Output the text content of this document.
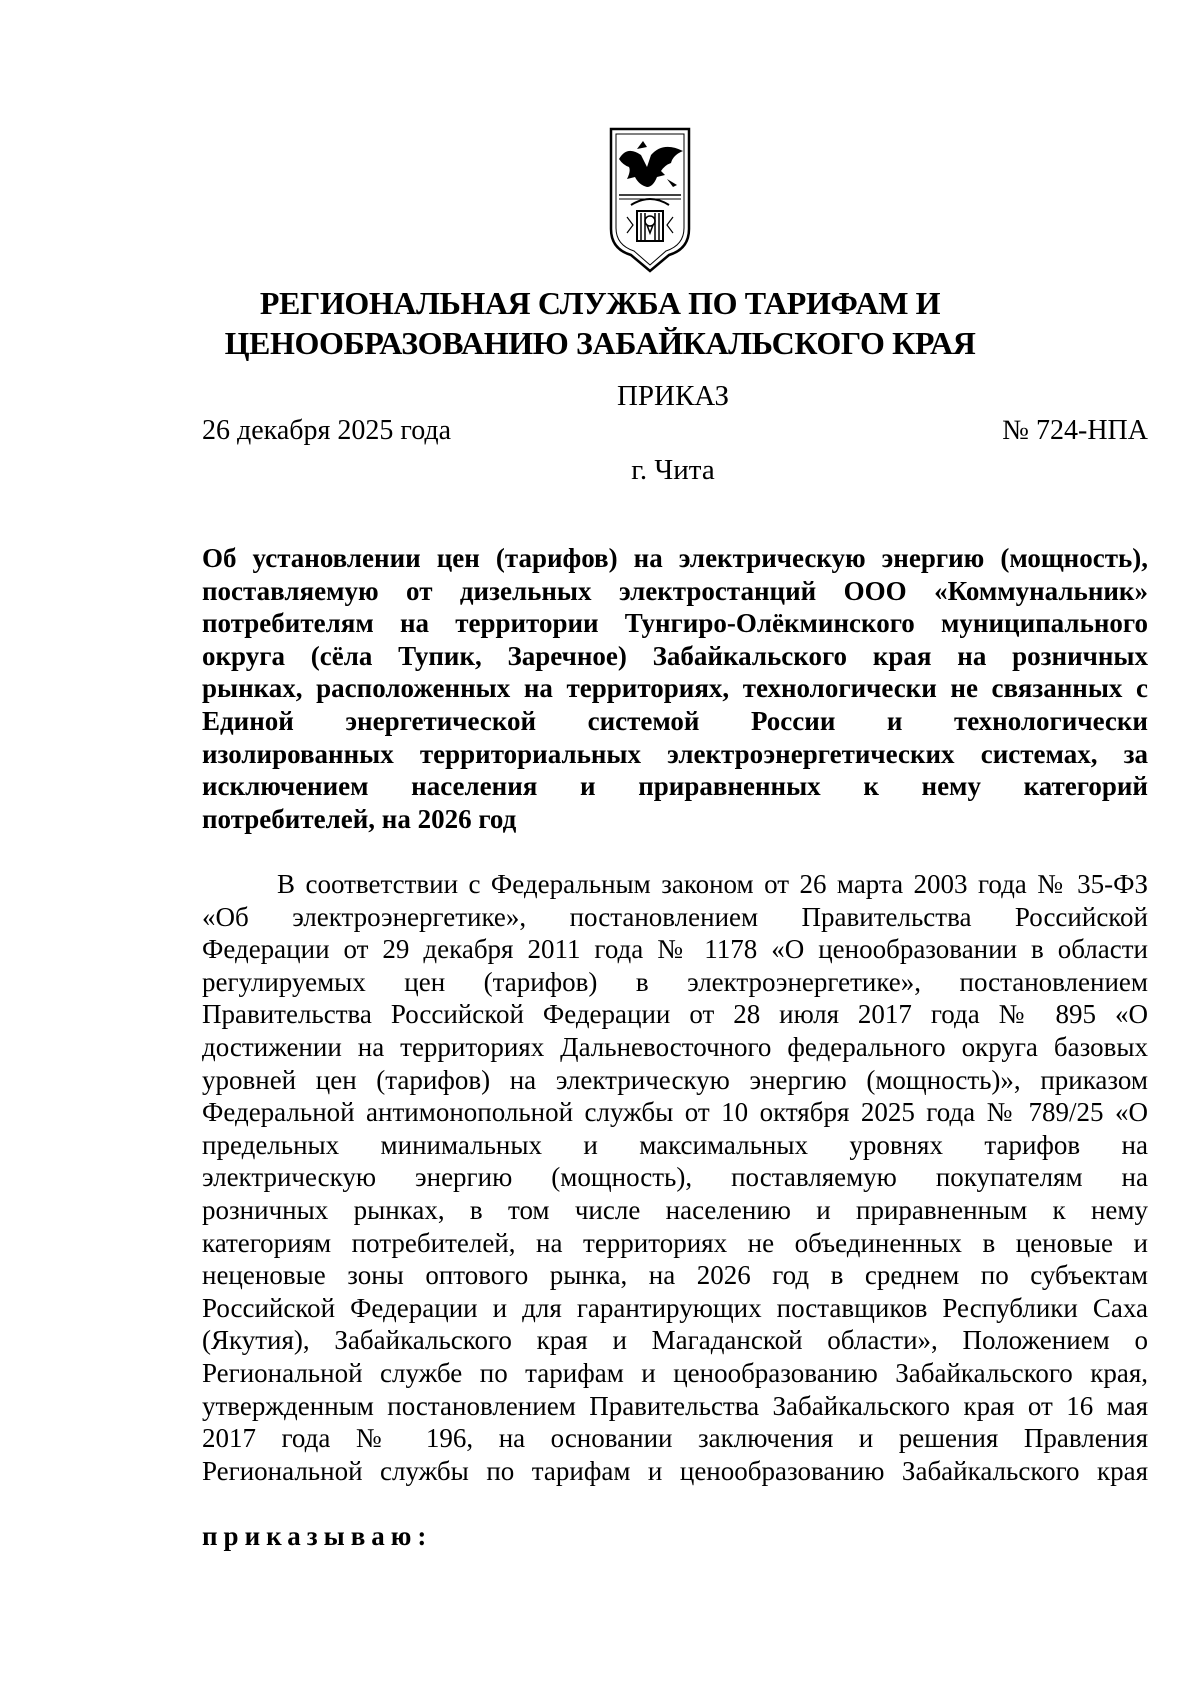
РЕГИОНАЛЬНАЯ СЛУЖБА ПО ТАРИФАМ И
ЦЕНООБРАЗОВАНИЮ ЗАБАЙКАЛЬСКОГО КРАЯ
ПРИКАЗ
26 декабря 2025 года	№ 724-НПА
г. Чита
Об установлении цен (тарифов) на электрическую энергию (мощность),
поставляемую от дизельных электростанций ООО «Коммунальник»
потребителям на территории Тунгиро-Олёкминского муниципального
округа (сёла Тупик, Заречное) Забайкальского края на розничных
рынках, расположенных на территориях, технологически не связанных с
Единой энергетической системой России и технологически
изолированных территориальных электроэнергетических системах, за
исключением населения и приравненных к нему категорий
потребителей, на 2026 год
В соответствии с Федеральным законом от 26 марта 2003 года № 35-ФЗ
«Об электроэнергетике», постановлением Правительства Российской
Федерации от 29 декабря 2011 года № 1178 «О ценообразовании в области
регулируемых цен (тарифов) в электроэнергетике», постановлением
Правительства Российской Федерации от 28 июля 2017 года № 895 «О
достижении на территориях Дальневосточного федерального округа базовых
уровней цен (тарифов) на электрическую энергию (мощность)», приказом
Федеральной антимонопольной службы от 10 октября 2025 года № 789/25 «О
предельных минимальных и максимальных уровнях тарифов на
электрическую энергию (мощность), поставляемую покупателям на
розничных рынках, в том числе населению и приравненным к нему
категориям потребителей, на территориях не объединенных в ценовые и
неценовые зоны оптового рынка, на 2026 год в среднем по субъектам
Российской Федерации и для гарантирующих поставщиков Республики Саха
(Якутия), Забайкальского края и Магаданской области», Положением о
Региональной службе по тарифам и ценообразованию Забайкальского края,
утвержденным постановлением Правительства Забайкальского края от 16 мая
2017 года № 196, на основании заключения и решения Правления
Региональной службы по тарифам и ценообразованию Забайкальского края
приказываю:
